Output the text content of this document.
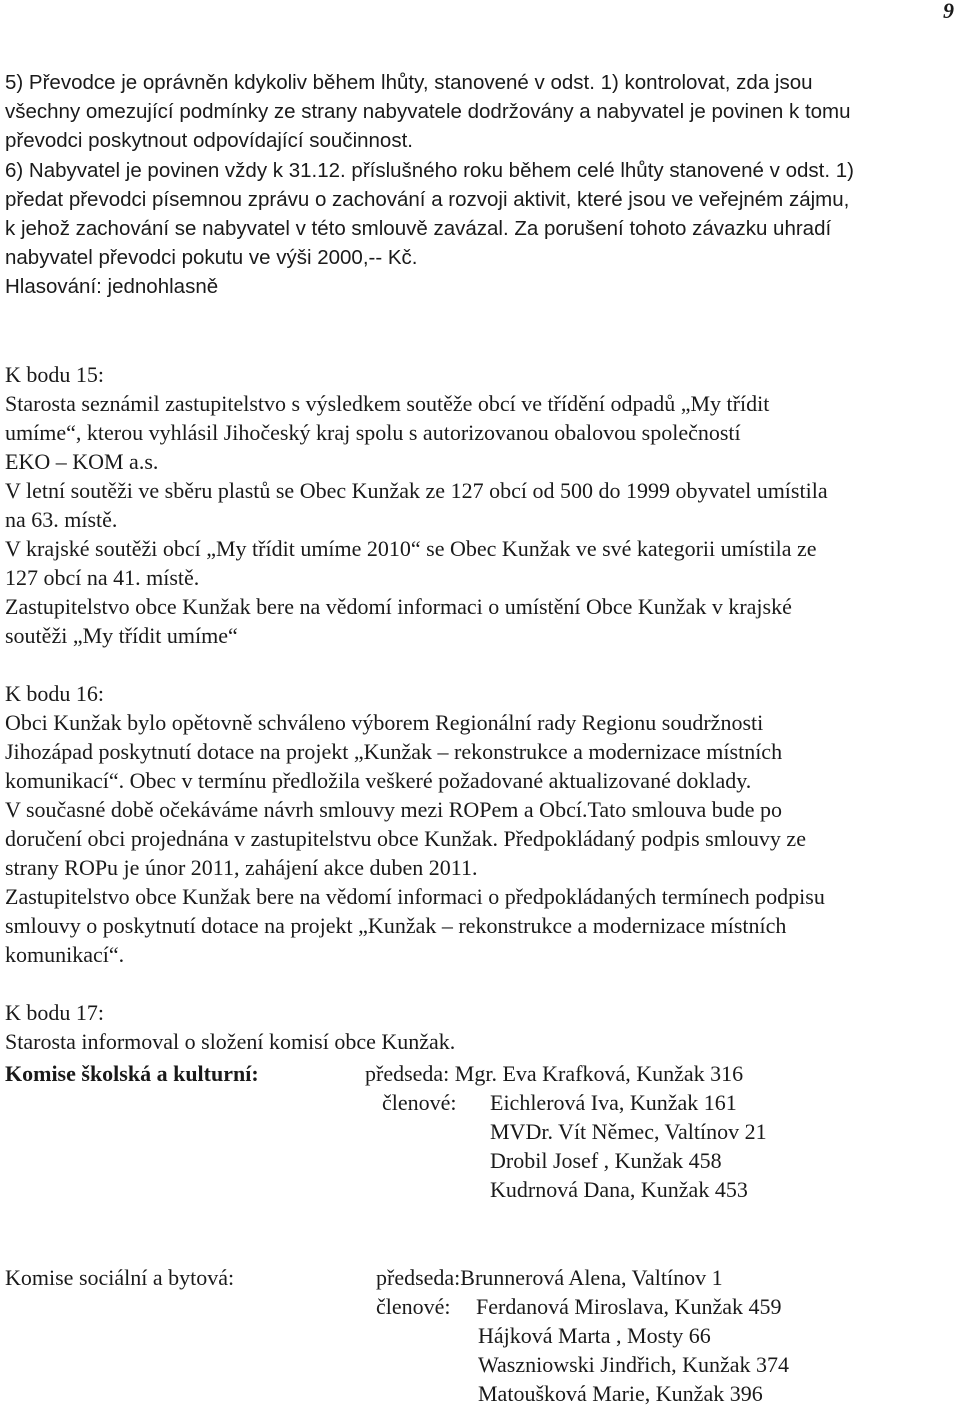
9
5) Převodce je oprávněn kdykoliv během lhůty, stanovené v odst. 1) kontrolovat, zda jsou
všechny omezující podmínky ze strany nabyvatele dodržovány a nabyvatel je povinen k tomu
převodci poskytnout odpovídající součinnost.
6) Nabyvatel je povinen vždy k 31.12. příslušného roku během celé lhůty stanovené v odst. 1)
předat převodci písemnou zprávu o zachování a rozvoji aktivit, které jsou ve veřejném zájmu,
k jehož zachování se nabyvatel v této smlouvě zavázal. Za porušení tohoto závazku uhradí
nabyvatel převodci pokutu ve výši 2000,-- Kč.
Hlasování: jednohlasně
K bodu 15:
Starosta seznámil zastupitelstvo s výsledkem soutěže obcí ve třídění odpadů „My třídit
umíme“, kterou vyhlásil Jihočeský kraj spolu s autorizovanou obalovou společností
EKO – KOM a.s.
V letní soutěži ve sběru plastů se Obec Kunžak ze 127 obcí od 500 do 1999 obyvatel umístila
na 63. místě.
V krajské soutěži obcí „My třídit umíme 2010“ se Obec Kunžak ve své kategorii umístila ze
127 obcí na 41. místě.
Zastupitelstvo obce Kunžak bere na vědomí informaci o umístění Obce Kunžak v krajské
soutěži „My třídit umíme“
K bodu 16:
Obci Kunžak bylo opětovně schváleno výborem Regionální rady Regionu soudržnosti
Jihozápad poskytnutí dotace na projekt „Kunžak – rekonstrukce a modernizace místních
komunikací“. Obec v termínu předložila veškeré požadované aktualizované doklady.
V současné době očekáváme návrh smlouvy mezi ROPem a Obcí.Tato smlouva bude po
doručení obci projednána v zastupitelstvu obce Kunžak. Předpokládaný podpis smlouvy ze
strany ROPu je únor 2011, zahájení akce duben 2011.
Zastupitelstvo obce Kunžak bere na vědomí informaci o předpokládaných termínech podpisu
smlouvy o poskytnutí dotace na projekt „Kunžak – rekonstrukce a modernizace místních
komunikací“.
K bodu 17:
Starosta informoval o složení komisí obce Kunžak.
Komise školská a kulturní:	předseda: Mgr. Eva Krafková, Kunžak 316
členové: Eichlerová Iva, Kunžak 161
MVDr. Vít Němec, Valtínov 21
Drobil Josef , Kunžak 458
Kudrnová Dana, Kunžak 453
Komise sociální a bytová:	předseda:Brunnerová Alena, Valtínov 1
členové: Ferdanová Miroslava, Kunžak 459
Hájková Marta , Mosty 66
Waszniowski Jindřich, Kunžak 374
Matoušková Marie, Kunžak 396
